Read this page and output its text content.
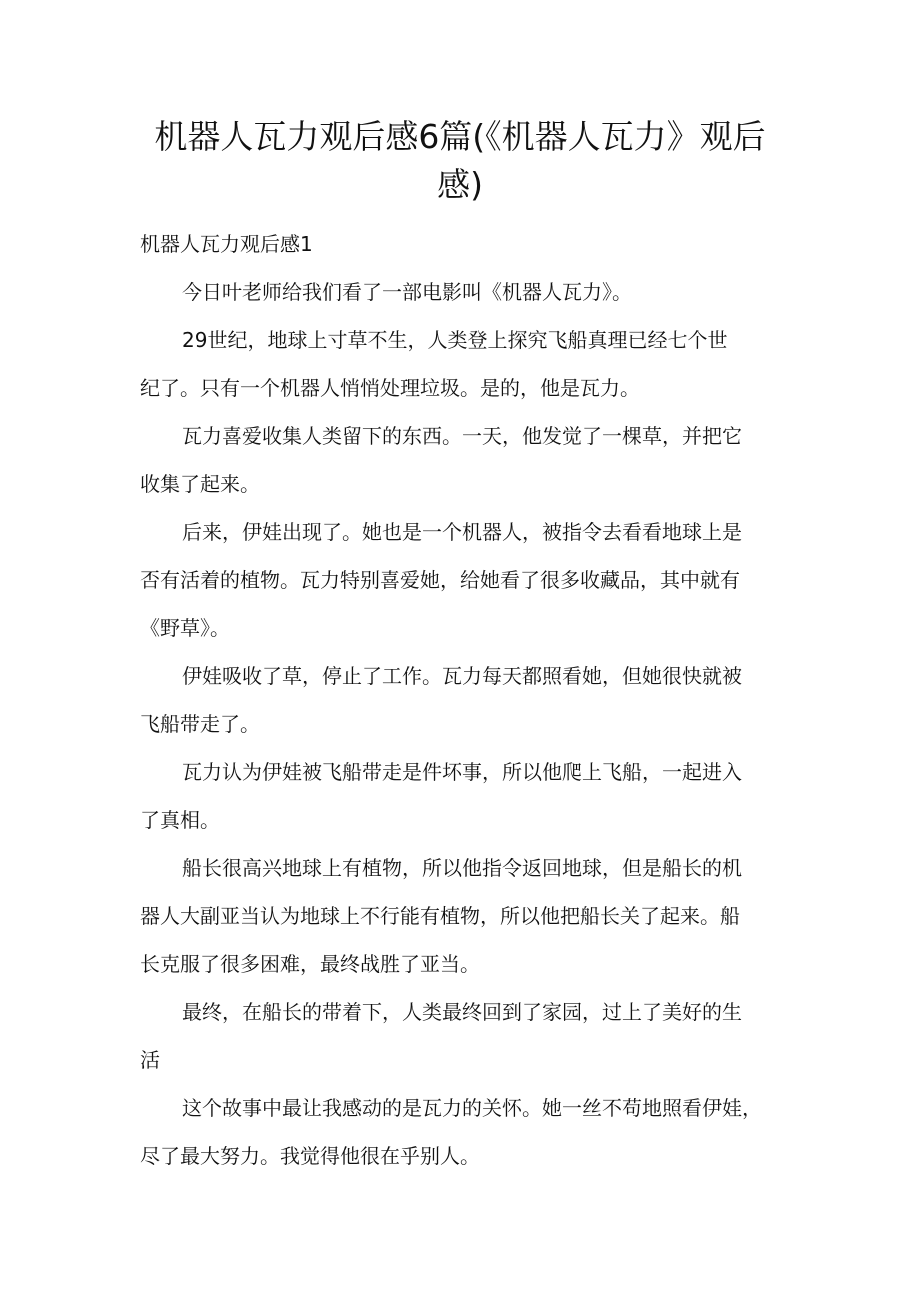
机器人瓦力观后感6篇(《机器人瓦力》观后
感)
机器人瓦力观后感1
今日叶老师给我们看了一部电影叫《机器人瓦力》。
29世纪，地球上寸草不生，人类登上探究飞船真理已经七个世
纪了。只有一个机器人悄悄处理垃圾。是的，他是瓦力。
瓦力喜爱收集人类留下的东西。一天，他发觉了一棵草，并把它
收集了起来。
后来，伊娃出现了。她也是一个机器人，被指令去看看地球上是
否有活着的植物。瓦力特别喜爱她，给她看了很多收藏品，其中就有
《野草》。
伊娃吸收了草，停止了工作。瓦力每天都照看她，但她很快就被
飞船带走了。
瓦力认为伊娃被飞船带走是件坏事，所以他爬上飞船，一起进入
了真相。
船长很高兴地球上有植物，所以他指令返回地球，但是船长的机
器人大副亚当认为地球上不行能有植物，所以他把船长关了起来。船
长克服了很多困难，最终战胜了亚当。
最终，在船长的带着下，人类最终回到了家园，过上了美好的生
活
这个故事中最让我感动的是瓦力的关怀。她一丝不苟地照看伊娃，
尽了最大努力。我觉得他很在乎别人。
